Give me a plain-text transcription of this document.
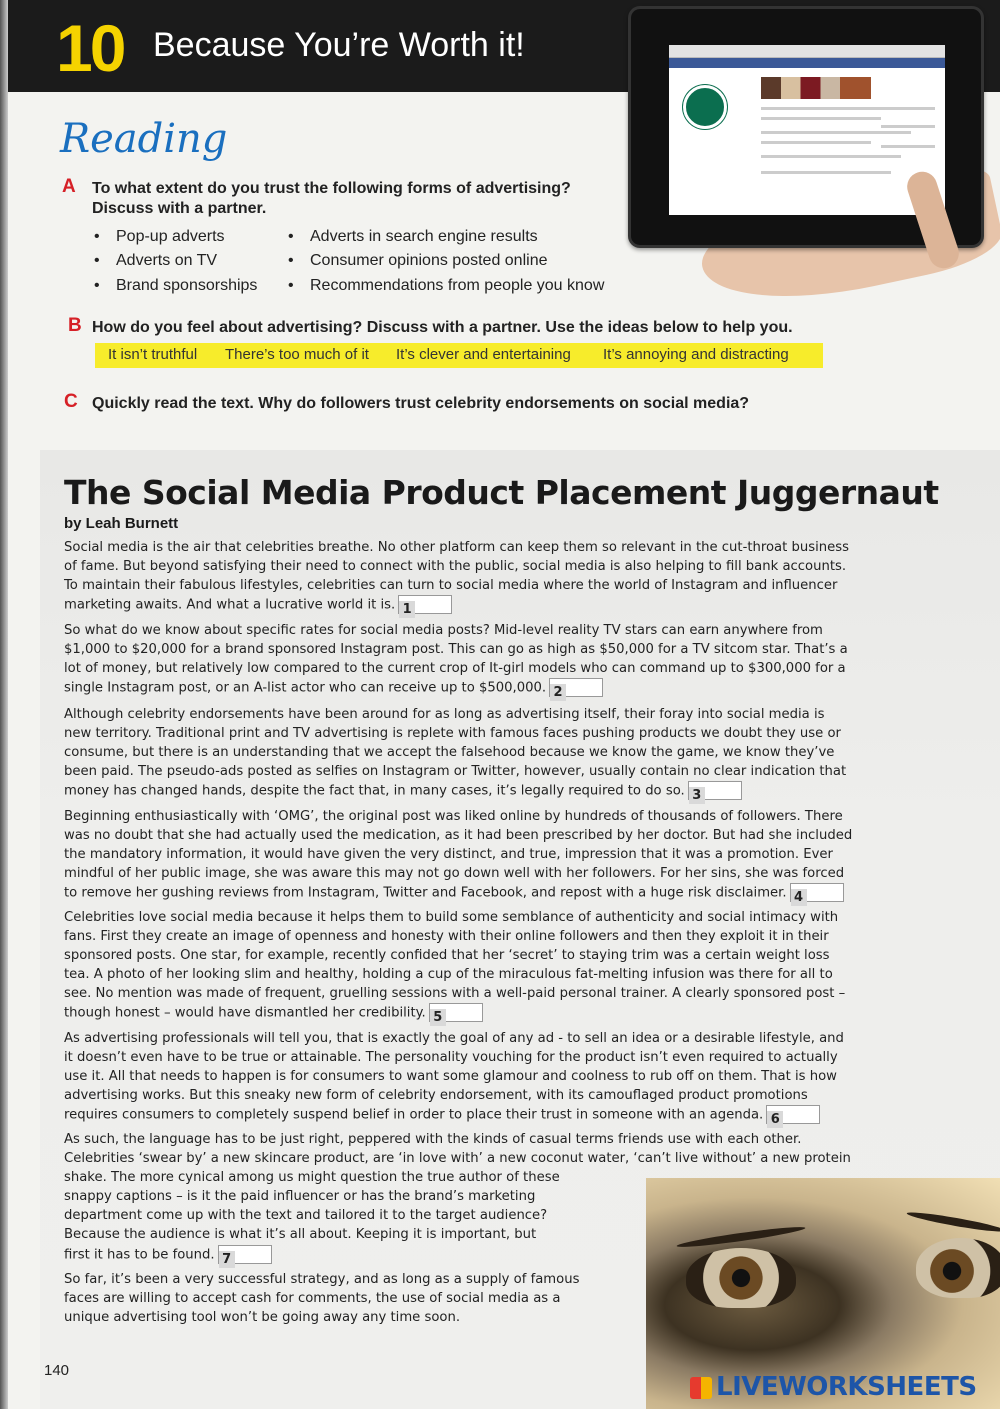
10 Because You’re Worth it!
Reading
A To what extent do you trust the following forms of advertising?
Discuss with a partner.
• Pop-up adverts
• Adverts on TV
• Brand sponsorships
• Adverts in search engine results
• Consumer opinions posted online
• Recommendations from people you know
B How do you feel about advertising? Discuss with a partner. Use the ideas below to help you.
It isn’t truthful There’s too much of it It’s clever and entertaining It’s annoying and distracting
C Quickly read the text. Why do followers trust celebrity endorsements on social media?
The Social Media Product Placement Juggernaut
by Leah Burnett
Social media is the air that celebrities breathe. No other platform can keep them so relevant in the cut-throat business
of fame. But beyond satisfying their need to connect with the public, social media is also helping to fill bank accounts.
To maintain their fabulous lifestyles, celebrities can turn to social media where the world of Instagram and influencer
marketing awaits. And what a lucrative world it is. 1
So what do we know about specific rates for social media posts? Mid-level reality TV stars can earn anywhere from
$1,000 to $20,000 for a brand sponsored Instagram post. This can go as high as $50,000 for a TV sitcom star. That’s a
lot of money, but relatively low compared to the current crop of It-girl models who can command up to $300,000 for a
single Instagram post, or an A-list actor who can receive up to $500,000. 2
Although celebrity endorsements have been around for as long as advertising itself, their foray into social media is
new territory. Traditional print and TV advertising is replete with famous faces pushing products we doubt they use or
consume, but there is an understanding that we accept the falsehood because we know the game, we know they’ve
been paid. The pseudo-ads posted as selfies on Instagram or Twitter, however, usually contain no clear indication that
money has changed hands, despite the fact that, in many cases, it’s legally required to do so. 3
Beginning enthusiastically with ‘OMG’, the original post was liked online by hundreds of thousands of followers. There
was no doubt that she had actually used the medication, as it had been prescribed by her doctor. But had she included
the mandatory information, it would have given the very distinct, and true, impression that it was a promotion. Ever
mindful of her public image, she was aware this may not go down well with her followers. For her sins, she was forced
to remove her gushing reviews from Instagram, Twitter and Facebook, and repost with a huge risk disclaimer. 4
Celebrities love social media because it helps them to build some semblance of authenticity and social intimacy with
fans. First they create an image of openness and honesty with their online followers and then they exploit it in their
sponsored posts. One star, for example, recently confided that her ‘secret’ to staying trim was a certain weight loss
tea. A photo of her looking slim and healthy, holding a cup of the miraculous fat-melting infusion was there for all to
see. No mention was made of frequent, gruelling sessions with a well-paid personal trainer. A clearly sponsored post –
though honest – would have dismantled her credibility. 5
As advertising professionals will tell you, that is exactly the goal of any ad - to sell an idea or a desirable lifestyle, and
it doesn’t even have to be true or attainable. The personality vouching for the product isn’t even required to actually
use it. All that needs to happen is for consumers to want some glamour and coolness to rub off on them. That is how
advertising works. But this sneaky new form of celebrity endorsement, with its camouflaged product promotions
requires consumers to completely suspend belief in order to place their trust in someone with an agenda. 6
As such, the language has to be just right, peppered with the kinds of casual terms friends use with each other.
Celebrities ‘swear by’ a new skincare product, are ‘in love with’ a new coconut water, ‘can’t live without’ a new protein
shake. The more cynical among us might question the true author of these
snappy captions – is it the paid influencer or has the brand’s marketing
department come up with the text and tailored it to the target audience?
Because the audience is what it’s all about. Keeping it is important, but
first it has to be found. 7
So far, it’s been a very successful strategy, and as long as a supply of famous
faces are willing to accept cash for comments, the use of social media as a
unique advertising tool won’t be going away any time soon.
140
LIVEWORKSHEETS
